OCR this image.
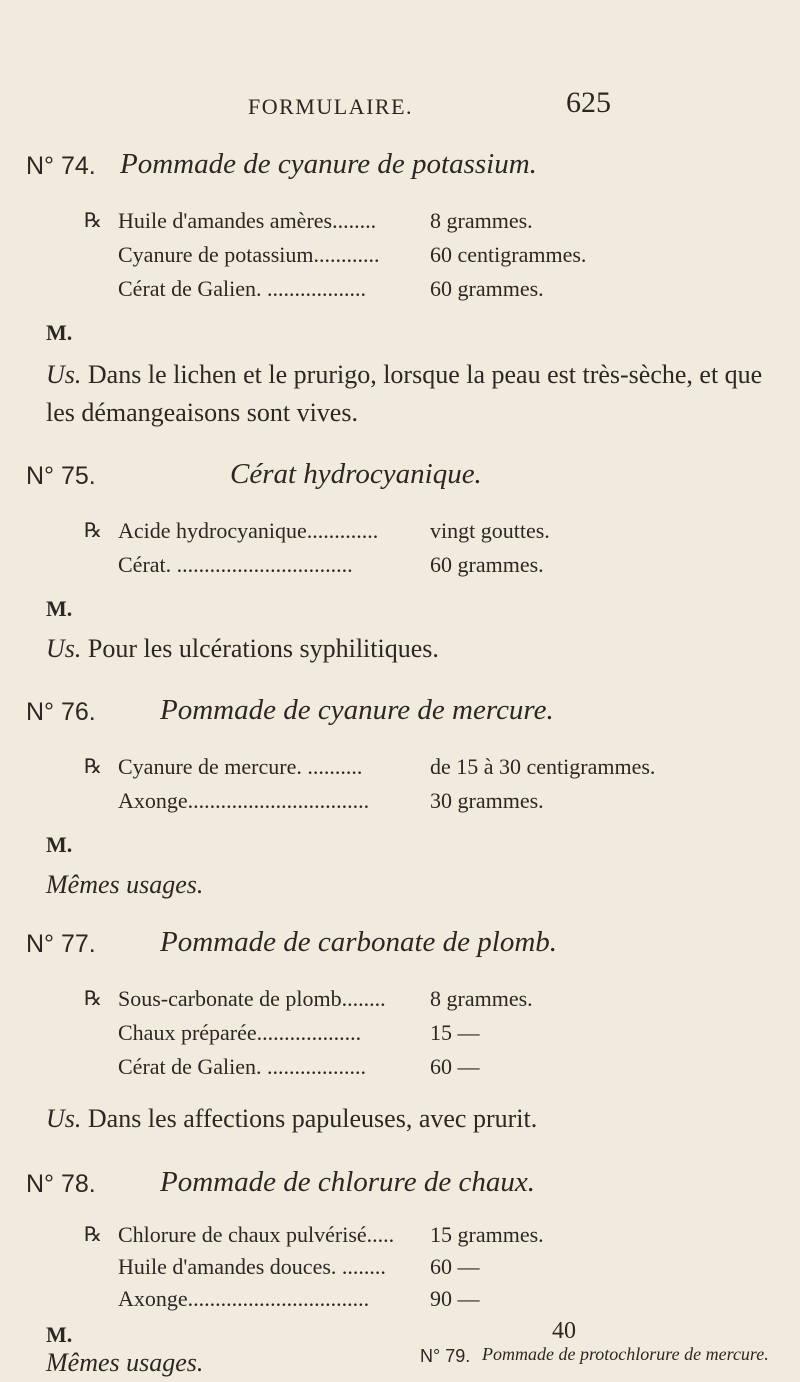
FORMULAIRE.	625
N° 74. Pommade de cyanure de potassium.
℞ Huile d'amandes amères........	8 grammes.
Cyanure de potassium............	60 centigrammes.
Cérat de Galien. ..................	60 grammes.
M.
Us. Dans le lichen et le prurigo, lorsque la peau est très-sèche, et que les démangeaisons sont vives.
N° 75.	Cérat hydrocyanique.
℞ Acide hydrocyanique.............	vingt gouttes.
Cérat. ................................	60 grammes.
M.
Us. Pour les ulcérations syphilitiques.
N° 76. Pommade de cyanure de mercure.
℞ Cyanure de mercure. ..........	de 15 à 30 centigrammes.
Axonge.................................	30 grammes.
M.
Mêmes usages.
N° 77. Pommade de carbonate de plomb.
℞ Sous-carbonate de plomb........	8 grammes.
Chaux préparée...................	15 —
Cérat de Galien. ..................	60 —
Us. Dans les affections papuleuses, avec prurit.
N° 78. Pommade de chlorure de chaux.
℞ Chlorure de chaux pulvérisé.....	15 grammes.
Huile d'amandes douces. ........	60 —
Axonge.................................	90 —
M.
Mêmes usages.	N° 79. Pommade de protochlorure de mercure.
40
